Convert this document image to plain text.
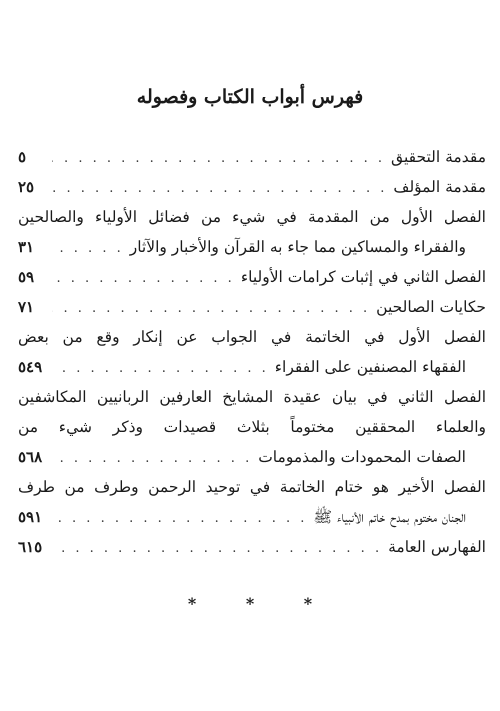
فهرس أبواب الكتاب وفصوله
مقدمة التحقيق
. . .
٥
مقدمة المؤلف
. . .
٢٥
الفصل الأول من المقدمة في شيء من فضائل الأولياء والصالحين
والفقراء والمساكين مما جاء به القرآن والأخبار والآثار
. . .
٣١
الفصل الثاني في إثبات كرامات الأولياء
. . .
٥٩
حكايات الصالحين
. . .
٧١
الفصل الأول في الخاتمة في الجواب عن إنكار وقع من بعض
الفقهاء المصنفين على الفقراء
. . .
٥٤٩
الفصل الثاني في بيان عقيدة المشايخ العارفين الربانيين المكاشفين
والعلماء المحققين مختوماً بثلاث قصيدات وذكر شيء من
الصفات المحمودات والمذمومات
. . .
٥٦٨
الفصل الأخير هو ختام الخاتمة في توحيد الرحمن وطرف من طرف
الجنان مختوم بمدح خاتم الأنبياء ﷺ
. . .
٥٩١
الفهارس العامة
. . .
٦١٥
* * *
